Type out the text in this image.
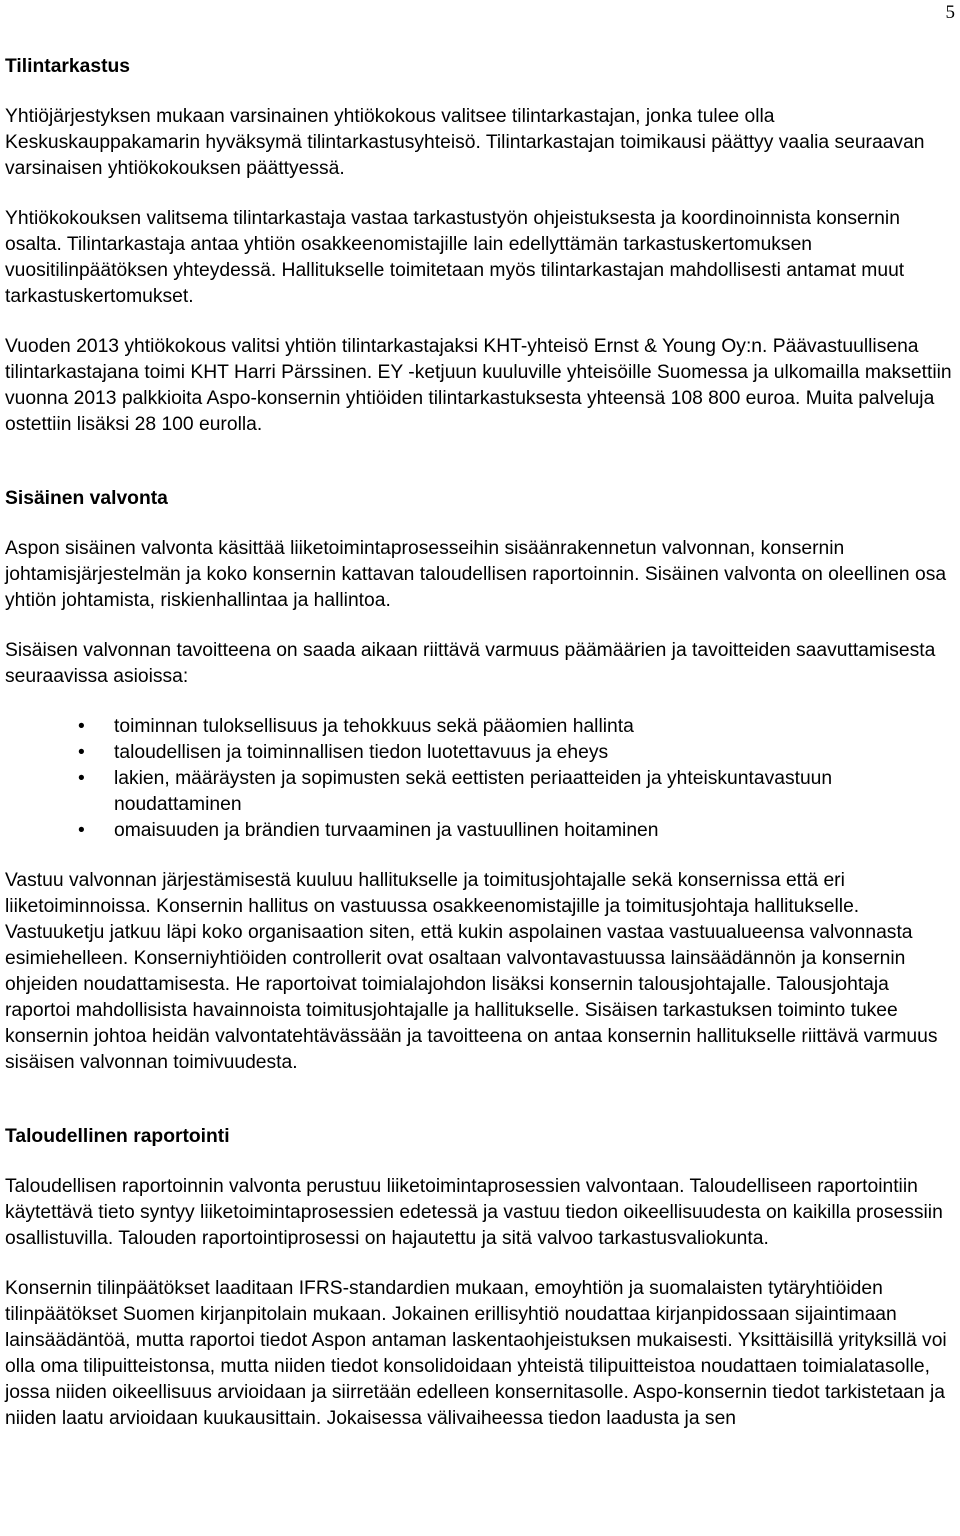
5
Tilintarkastus

Yhtiöjärjestyksen mukaan varsinainen yhtiökokous valitsee tilintarkastajan, jonka tulee olla Keskuskauppakamarin hyväksymä tilintarkastusyhteisö. Tilintarkastajan toimikausi päättyy vaalia seuraavan varsinaisen yhtiökokouksen päättyessä.

Yhtiökokouksen valitsema tilintarkastaja vastaa tarkastustyön ohjeistuksesta ja koordinoinnista konsernin osalta. Tilintarkastaja antaa yhtiön osakkeenomistajille lain edellyttämän tarkastuskertomuksen vuositilinpäätöksen yhteydessä. Hallitukselle toimitetaan myös tilintarkastajan mahdollisesti antamat muut tarkastuskertomukset.

Vuoden 2013 yhtiökokous valitsi yhtiön tilintarkastajaksi KHT-yhteisö Ernst & Young Oy:n. Päävastuullisena tilintarkastajana toimi KHT Harri Pärssinen. EY -ketjuun kuuluville yhteisöille Suomessa ja ulkomailla maksettiin vuonna 2013 palkkioita Aspo-konsernin yhtiöiden tilintarkastuksesta yhteensä 108 800 euroa. Muita palveluja ostettiin lisäksi 28 100 eurolla.

Sisäinen valvonta

Aspon sisäinen valvonta käsittää liiketoimintaprosesseihin sisäänrakennetun valvonnan, konsernin johtamisjärjestelmän ja koko konsernin kattavan taloudellisen raportoinnin. Sisäinen valvonta on oleellinen osa yhtiön johtamista, riskienhallintaa ja hallintoa.

Sisäisen valvonnan tavoitteena on saada aikaan riittävä varmuus päämäärien ja tavoitteiden saavuttamisesta seuraavissa asioissa:

• toiminnan tuloksellisuus ja tehokkuus sekä pääomien hallinta
• taloudellisen ja toiminnallisen tiedon luotettavuus ja eheys
• lakien, määräysten ja sopimusten sekä eettisten periaatteiden ja yhteiskuntavastuun noudattaminen
• omaisuuden ja brändien turvaaminen ja vastuullinen hoitaminen

Vastuu valvonnan järjestämisestä kuuluu hallitukselle ja toimitusjohtajalle sekä konsernissa että eri liiketoiminnoissa. Konsernin hallitus on vastuussa osakkeenomistajille ja toimitusjohtaja hallitukselle. Vastuuketju jatkuu läpi koko organisaation siten, että kukin aspolainen vastaa vastuualueensa valvonnasta esimiehelleen. Konserniyhtiöiden controllerit ovat osaltaan valvontavastuussa lainsäädännön ja konsernin ohjeiden noudattamisesta. He raportoivat toimialajohdon lisäksi konsernin talousjohtajalle. Talousjohtaja raportoi mahdollisista havainnoista toimitusjohtajalle ja hallitukselle. Sisäisen tarkastuksen toiminto tukee konsernin johtoa heidän valvontatehtävässään ja tavoitteena on antaa konsernin hallitukselle riittävä varmuus sisäisen valvonnan toimivuudesta.

Taloudellinen raportointi

Taloudellisen raportoinnin valvonta perustuu liiketoimintaprosessien valvontaan. Taloudelliseen raportointiin käytettävä tieto syntyy liiketoimintaprosessien edetessä ja vastuu tiedon oikeellisuudesta on kaikilla prosessiin osallistuvilla. Talouden raportointiprosessi on hajautettu ja sitä valvoo tarkastusvaliokunta.

Konsernin tilinpäätökset laaditaan IFRS-standardien mukaan, emoyhtiön ja suomalaisten tytäryhtiöiden tilinpäätökset Suomen kirjanpitolain mukaan. Jokainen erillisyhtiö noudattaa kirjanpidossaan sijaintimaan lainsäädäntöä, mutta raportoi tiedot Aspon antaman laskentaohjeistuksen mukaisesti. Yksittäisillä yrityksillä voi olla oma tilipuitteistonsa, mutta niiden tiedot konsolidoidaan yhteistä tilipuitteistoa noudattaen toimialatasolle, jossa niiden oikeellisuus arvioidaan ja siirretään edelleen konsernitasolle. Aspo-konsernin tiedot tarkistetaan ja niiden laatu arvioidaan kuukausittain. Jokaisessa välivaiheessa tiedon laadusta ja sen
